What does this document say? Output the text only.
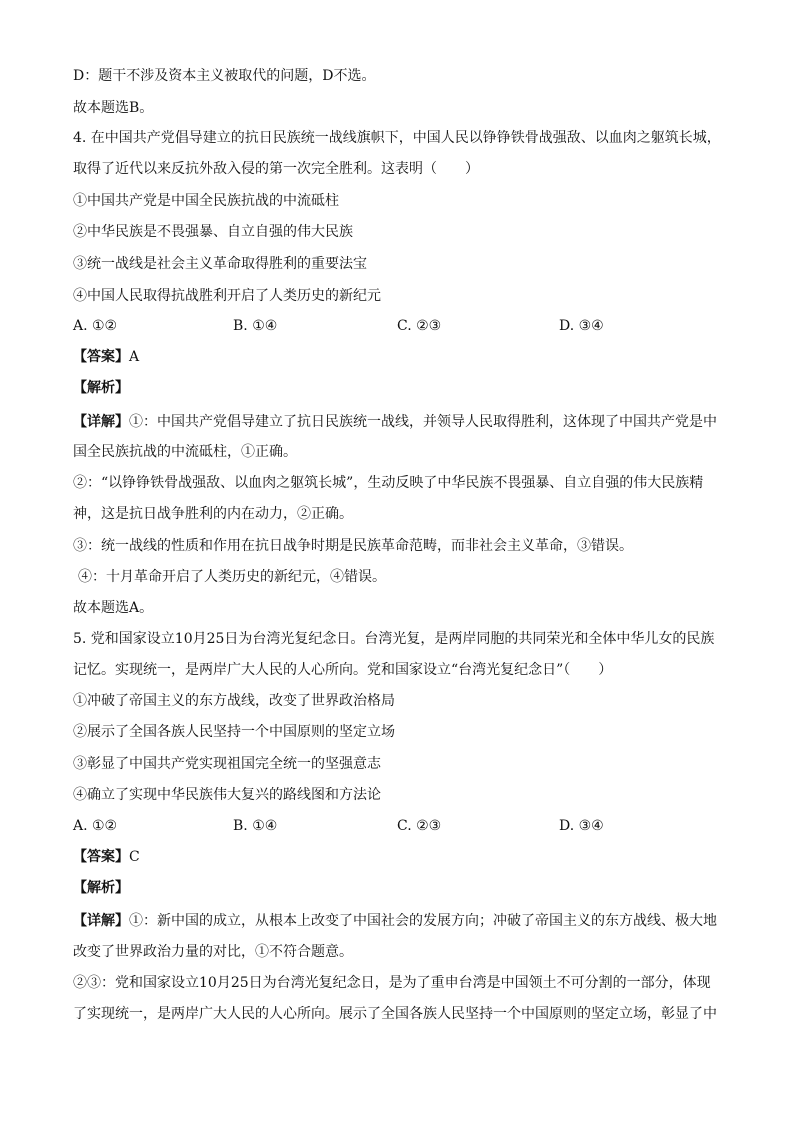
D：题干不涉及资本主义被取代的问题，D不选。
故本题选B。
4. 在中国共产党倡导建立的抗日民族统一战线旗帜下，中国人民以铮铮铁骨战强敌、以血肉之躯筑长城，
取得了近代以来反抗外敌入侵的第一次完全胜利。这表明（　　）
①中国共产党是中国全民族抗战的中流砥柱
②中华民族是不畏强暴、自立自强的伟大民族
③统一战线是社会主义革命取得胜利的重要法宝
④中国人民取得抗战胜利开启了人类历史的新纪元
A. ①②	B. ①④	C. ②③	D. ③④
【答案】A
【解析】
【详解】①：中国共产党倡导建立了抗日民族统一战线，并领导人民取得胜利，这体现了中国共产党是中
国全民族抗战的中流砥柱，①正确。
②：“以铮铮铁骨战强敌、以血肉之躯筑长城”，生动反映了中华民族不畏强暴、自立自强的伟大民族精
神，这是抗日战争胜利的内在动力，②正确。
③：统一战线的性质和作用在抗日战争时期是民族革命范畴，而非社会主义革命，③错误。
④：十月革命开启了人类历史的新纪元，④错误。
故本题选A。
5. 党和国家设立10月25日为台湾光复纪念日。台湾光复，是两岸同胞的共同荣光和全体中华儿女的民族
记忆。实现统一，是两岸广大人民的人心所向。党和国家设立“台湾光复纪念日”（　　）
①冲破了帝国主义的东方战线，改变了世界政治格局
②展示了全国各族人民坚持一个中国原则的坚定立场
③彰显了中国共产党实现祖国完全统一的坚强意志
④确立了实现中华民族伟大复兴的路线图和方法论
A. ①②	B. ①④	C. ②③	D. ③④
【答案】C
【解析】
【详解】①：新中国的成立，从根本上改变了中国社会的发展方向；冲破了帝国主义的东方战线、极大地
改变了世界政治力量的对比，①不符合题意。
②③：党和国家设立10月25日为台湾光复纪念日，是为了重申台湾是中国领土不可分割的一部分，体现
了实现统一，是两岸广大人民的人心所向。展示了全国各族人民坚持一个中国原则的坚定立场，彰显了中
